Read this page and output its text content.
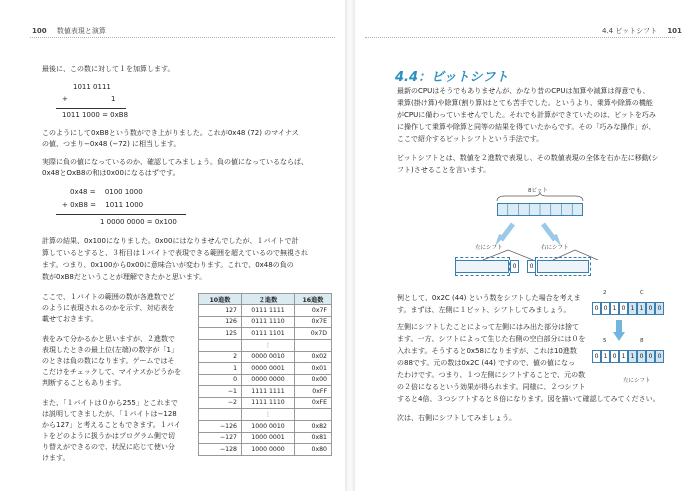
100 数値表現と演算
最後に、この数に対して１を加算します。
1011 0111
+	1
1011 1000 = 0xB8
このようにして0xB8という数ができ上がりました。これが0x48 (72) のマイナス
の値、つまり−0x48 (−72) に相当します。
実際に負の値になっているのか、確認してみましょう。負の値になっているならば、
0x48とOxB8の和は0x00になるはずです。
0x48 =　 0100 1000
+ 0xB8 =　 1011 1000
1 0000 0000 = 0x100
計算の結果、0x100になりました。0x00にはなりませんでしたが、１バイトで計
算しているとすると、３桁目は１バイトで表現できる範囲を超えているので無視され
ます。つまり、0x100から0x00に意味合いが変わります。これで、0x48の負の
数が0xB8だということが理解できたかと思います。
ここで、１バイトの範囲の数が各進数でど
のように表現されるのかを示す、対応表を
載せておきます。
表をみて分かるかと思いますが、２進数で
表現したときの最上位(左端)の数字が「1」
のときは負の数になります。ゲームではそ
こだけをチェックして、マイナスかどうかを
判断することもあります。
また、「１バイトは０から255」とこれまで
は説明してきましたが、「１バイトは−128
から127」と考えることもできます。１バイ
トをどのように扱うかはプログラム側で切
り替えができるので、状況に応じて使い分
けます。
10進数	２進数	16進数
127	0111 1111	0x7F
126	0111 1110	0x7E
125	0111 1101	0x7D
	⋮	
2	0000 0010	0x02
1	0000 0001	0x01
0	0000 0000	0x00
−1	1111 1111	0xFF
−2	1111 1110	0xFE
	⋮	
−126	1000 0010	0x82
−127	1000 0001	0x81
−128	1000 0000	0x80
4.4 ビットシフト 101
4.4：ビットシフト
最新のCPUはそうでもありませんが、かなり昔のCPUは加算や減算は得意でも、
乗算(掛け算)や除算(割り算)はとても苦手でした。というより、乗算や除算の機能
がCPUに備わっていませんでした。それでも計算ができていたのは、ビットを巧み
に操作して乗算や除算と同等の結果を得ていたからです。その「巧みな操作」が、
ここで紹介するビットシフトという手法です。
ビットシフトとは、数値を２進数で表現し、その数値表現の全体を右か左に移動(シ
フト)させることを言います。
8ビット
左にシフト	右にシフト
0	0
例として、0x2C (44) という数をシフトした場合を考えま
す。まずは、左側に１ビット、シフトしてみましょう。
左側にシフトしたことによって左側にはみ出た部分は捨て
ます。一方、シフトによって生じた右側の空白部分には０を
入れます。そうすると0x58になりますが、これは10進数
の88です。元の数は0x2C (44) ですので、値の値になっ
たわけです。つまり、１つ左側にシフトすることで、元の数
の２倍になるという効果が得られます。同様に、２つシフト
すると4倍、３つシフトすると８倍になります。図を描いて確認してみてください。
次は、右側にシフトしてみましょう。
2	C
0 0 1 0 1 1 0 0
5	8
0 1 0 1 1 0 0 0
左にシフト
